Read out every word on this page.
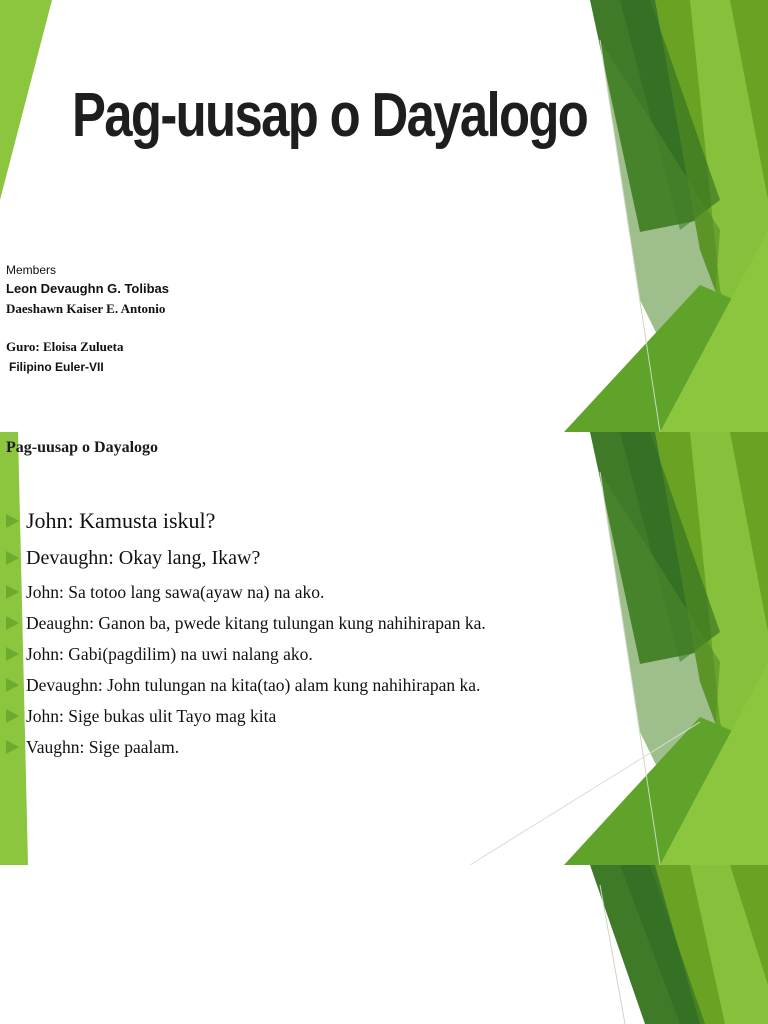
Pag-uusap o Dayalogo
Members
Leon Devaughn G. Tolibas
Daeshawn Kaiser E. Antonio
Guro: Eloisa Zulueta
Filipino Euler-VII
Pag-uusap o Dayalogo
John: Kamusta iskul?
Devaughn: Okay lang, Ikaw?
John: Sa totoo lang sawa(ayaw na) na ako.
Deaughn: Ganon ba, pwede kitang tulungan kung nahihirapan ka.
John: Gabi(pagdilim) na uwi nalang ako.
Devaughn: John tulungan na kita(tao) alam kung nahihirapan ka.
John: Sige bukas ulit Tayo mag kita
Vaughn: Sige paalam.
